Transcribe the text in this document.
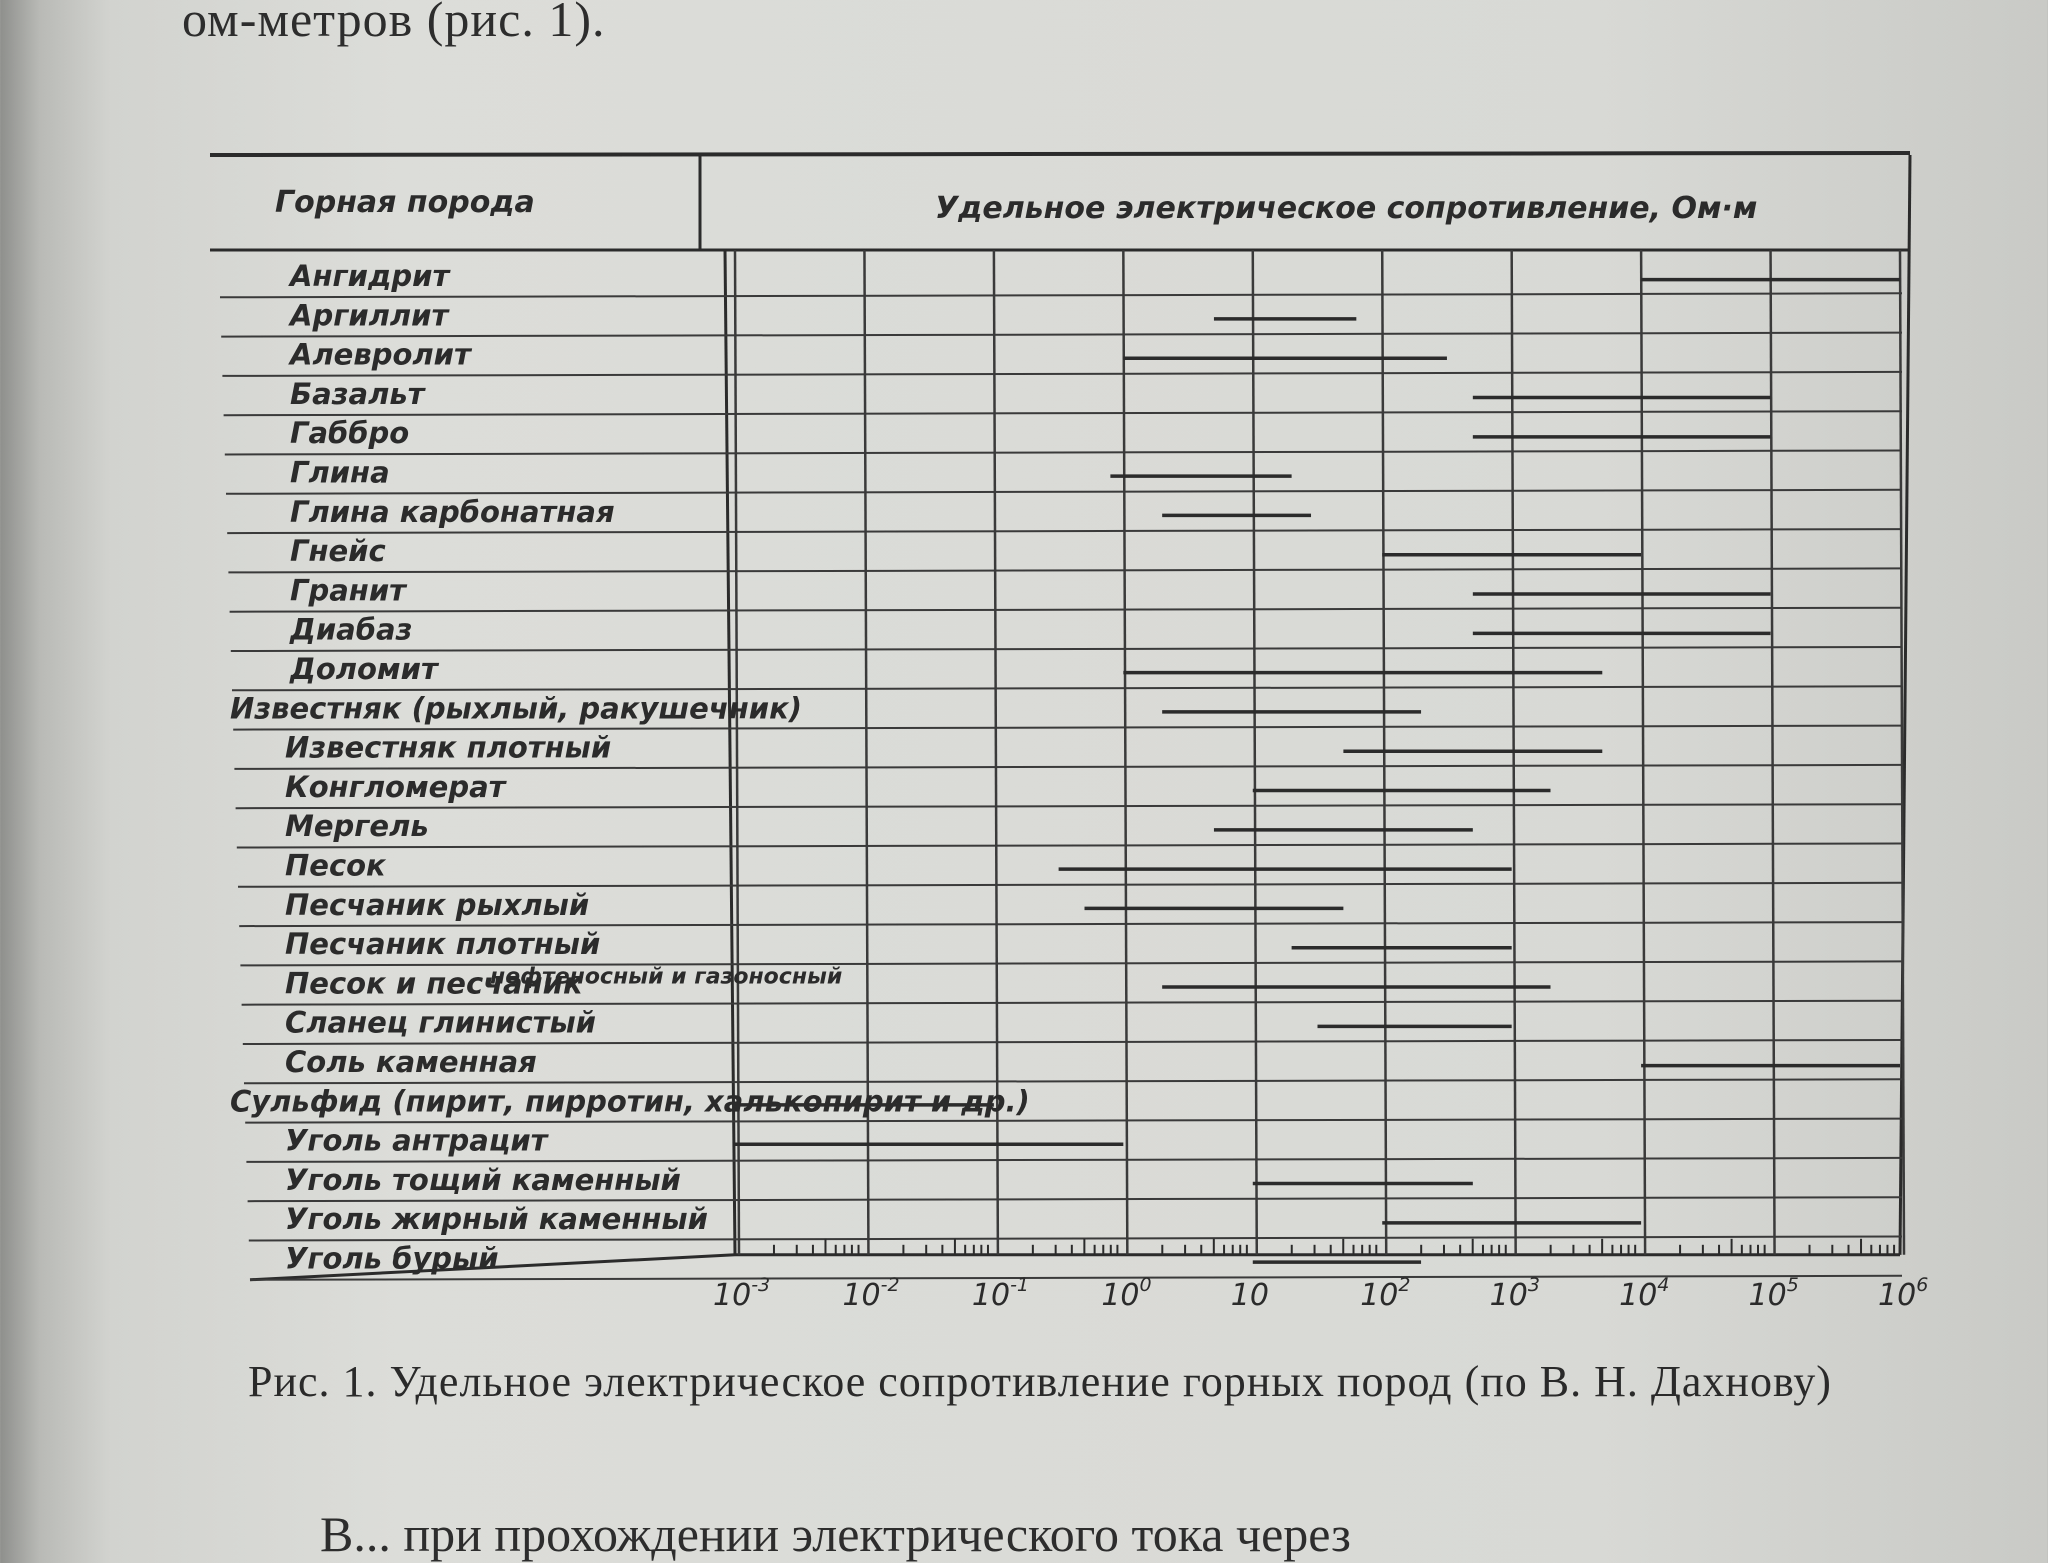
ом-метров (рис. 1).
Ангидрит
Аргиллит
Алевролит
Базальт
Габбро
Глина
Глина карбонатная
Гнейс
Гранит
Диабаз
Доломит
Известняк (рыхлый, ракушечник)
Известняк плотный
Конгломерат
Мергель
Песок
Песчаник рыхлый
Песчаник плотный
Песок и песчаник
нефтеносный и газоносный
Сланец глинистый
Соль каменная
Сульфид (пирит, пирротин, халькопирит и др.)
Уголь антрацит
Уголь тощий каменный
Уголь жирный каменный
Уголь бурый
$10^{-3}$ $10^{-2}$ $10^{-1}$ $10^0$	10	$10^2$	$10^3$	$10^4$	$10^5$	$10^6$
Горная порода	Удельное электрическое сопротивление, Ом·м
Рис. 1. Удельное электрическое сопротивление горных пород (по В. Н. Дахнову)
В... при прохождении электрического тока через
